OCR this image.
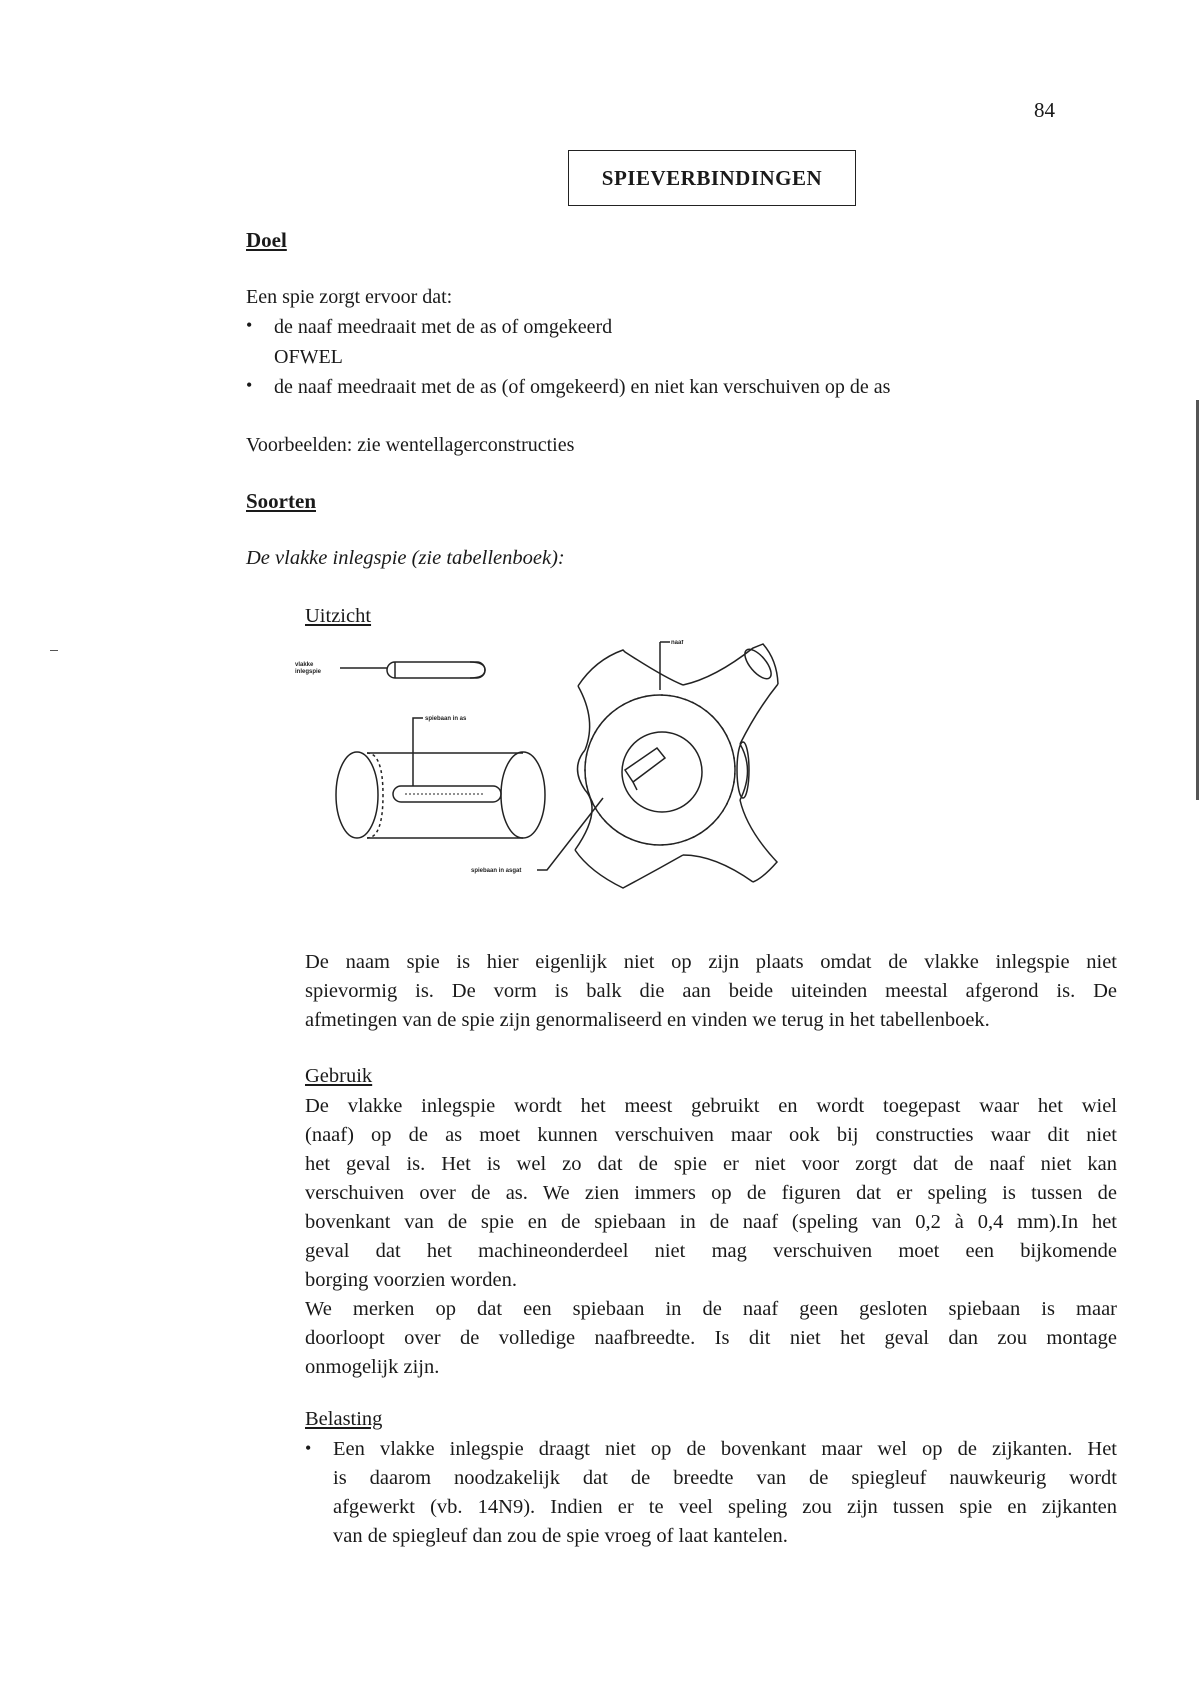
84
SPIEVERBINDINGEN
Doel
Een spie zorgt ervoor dat:
• de naaf meedraait met de as of omgekeerd
OFWEL
• de naaf meedraait met de as (of omgekeerd) en niet kan verschuiven op de as
Voorbeelden: zie wentellagerconstructies
Soorten
De vlakke inlegspie (zie tabellenboek):
Uitzicht
vlakke
inlegspie
spiebaan in as
naaf
spiebaan in asgat
De naam spie is hier eigenlijk niet op zijn plaats omdat de vlakke inlegspie niet
spievormig is. De vorm is balk die aan beide uiteinden meestal afgerond is. De
afmetingen van de spie zijn genormaliseerd en vinden we terug in het tabellenboek.
Gebruik
De vlakke inlegspie wordt het meest gebruikt en wordt toegepast waar het wiel
(naaf) op de as moet kunnen verschuiven maar ook bij constructies waar dit niet
het geval is. Het is wel zo dat de spie er niet voor zorgt dat de naaf niet kan
verschuiven over de as. We zien immers op de figuren dat er speling is tussen de
bovenkant van de spie en de spiebaan in de naaf (speling van 0,2 à 0,4 mm).In het
geval dat het machineonderdeel niet mag verschuiven moet een bijkomende
borging voorzien worden.
We merken op dat een spiebaan in de naaf geen gesloten spiebaan is maar
doorloopt over de volledige naafbreedte. Is dit niet het geval dan zou montage
onmogelijk zijn.
Belasting
• Een vlakke inlegspie draagt niet op de bovenkant maar wel op de zijkanten. Het
is daarom noodzakelijk dat de breedte van de spiegleuf nauwkeurig wordt
afgewerkt (vb. 14N9). Indien er te veel speling zou zijn tussen spie en zijkanten
van de spiegleuf dan zou de spie vroeg of laat kantelen.
